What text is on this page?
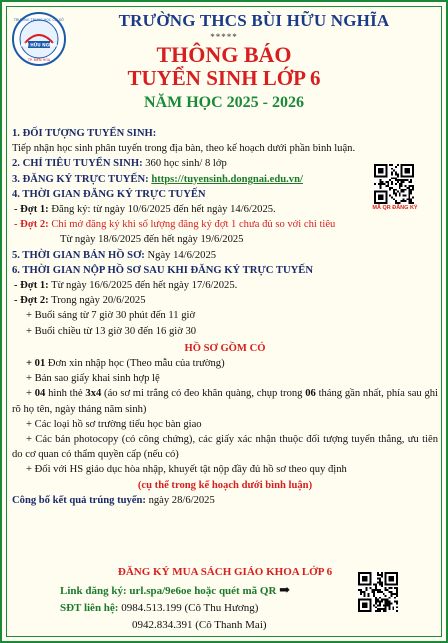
BÙI HỮU NGHĨA
TRƯỜNG TRUNG HỌC CƠ SỞ
TP. BIÊN HÒA
TRƯỜNG THCS BÙI HỮU NGHĨA
*****
THÔNG BÁO
TUYỂN SINH LỚP 6
NĂM HỌC 2025 - 2026
MÃ QR ĐĂNG KÝ
1. ĐỐI TƯỢNG TUYỂN SINH:
Tiếp nhận học sinh phân tuyến trong địa bàn, theo kế hoạch dưới phần bình luận.
2. CHỈ TIÊU TUYỂN SINH: 360 học sinh/ 8 lớp
3. ĐĂNG KÝ TRỰC TUYẾN: https://tuyensinh.dongnai.edu.vn/
4. THỜI GIAN ĐĂNG KÝ TRỰC TUYẾN
- Đợt 1: Đăng ký: từ ngày 10/6/2025 đến hết ngày 14/6/2025.
- Đợt 2: Chỉ mở đăng ký khi số lượng đăng ký đợt 1 chưa đủ so với chỉ tiêu
Từ ngày 18/6/2025 đến hết ngày 19/6/2025
5. THỜI GIAN BÁN HỒ SƠ: Ngày 14/6/2025
6. THỜI GIAN NỘP HỒ SƠ SAU KHI ĐĂNG KÝ TRỰC TUYẾN
- Đợt 1: Từ ngày 16/6/2025 đến hết ngày 17/6/2025.
- Đợt 2: Trong ngày 20/6/2025
+ Buổi sáng từ 7 giờ 30 phút đến 11 giờ
+ Buổi chiều từ 13 giờ 30 đến 16 giờ 30
HỒ SƠ GỒM CÓ
+ 01 Đơn xin nhập học (Theo mẫu của trường)
+ Bản sao giấy khai sinh hợp lệ
+ 04 hình thẻ 3x4 (áo sơ mi trắng có đeo khăn quàng, chụp trong 06 tháng gần nhất, phía sau ghi rõ họ tên, ngày tháng năm sinh)
+ Các loại hồ sơ trường tiểu học bàn giao
+ Các bản photocopy (có công chứng), các giấy xác nhận thuộc đối tượng tuyển thẳng, ưu tiên do cơ quan có thẩm quyền cấp (nếu có)
+ Đối với HS giáo dục hòa nhập, khuyết tật nộp đầy đủ hồ sơ theo quy định
(cụ thể trong kế hoạch dưới bình luận)
Công bố kết quả trúng tuyển: ngày 28/6/2025
ĐĂNG KÝ MUA SÁCH GIÁO KHOA LỚP 6
Link đăng ký: url.spa/9e6oe hoặc quét mã QR ➡
SĐT liên hệ: 0984.513.199 (Cô Thu Hương)
0942.834.391 (Cô Thanh Mai)
